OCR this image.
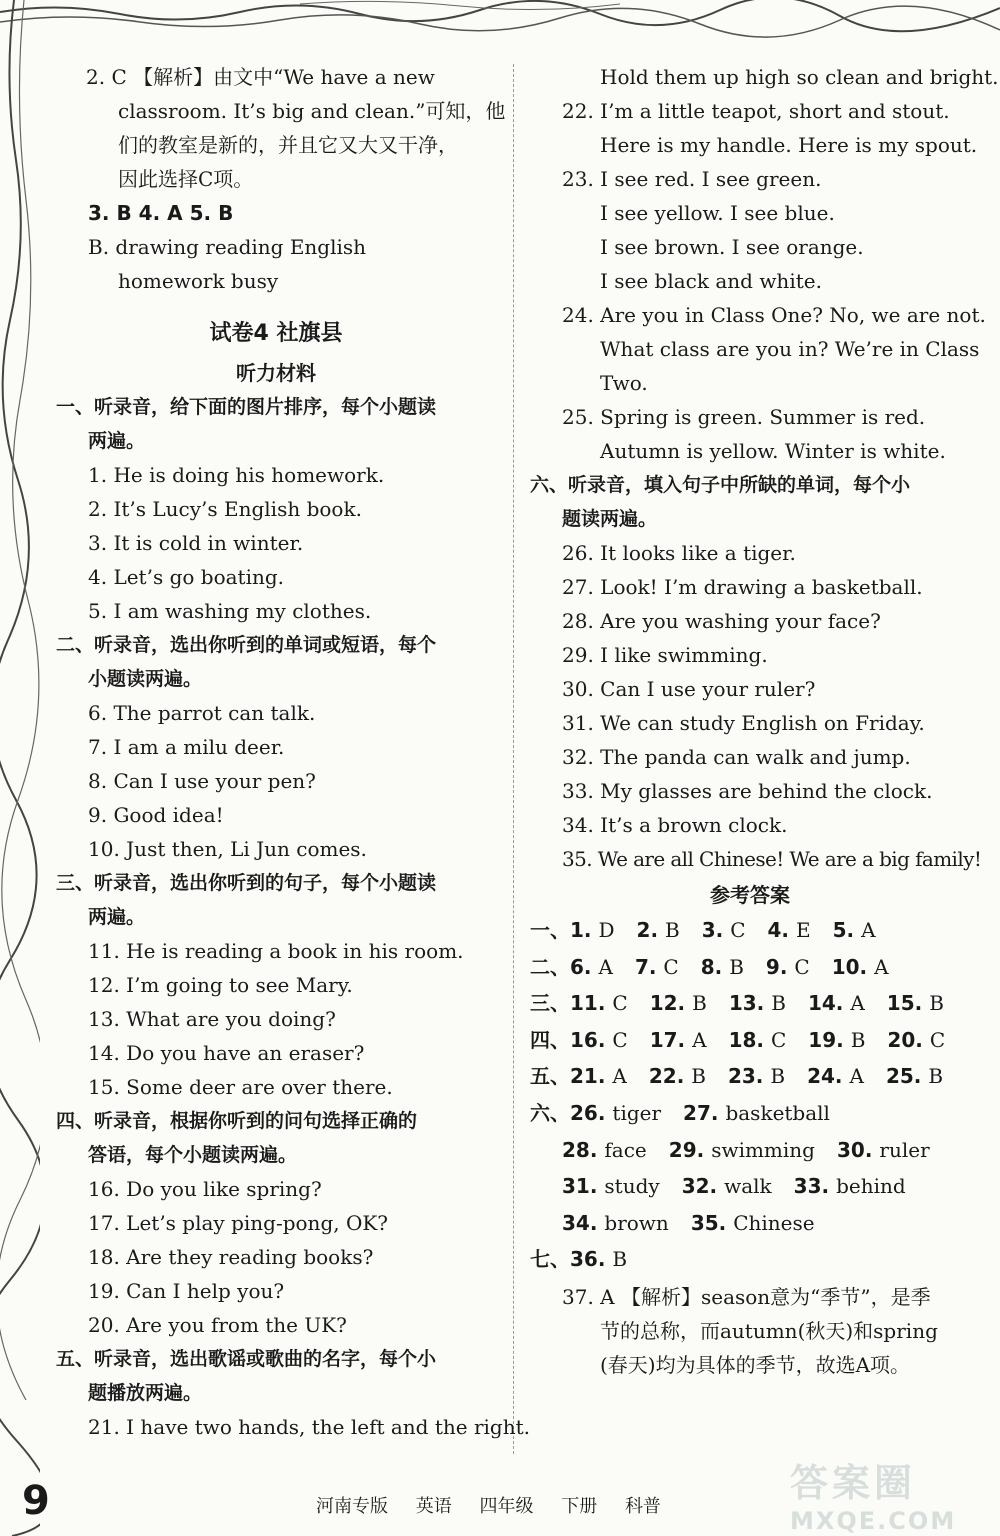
2. C 【解析】由文中“We have a new
classroom. It’s big and clean.”可知，他
们的教室是新的，并且它又大又干净，
因此选择C项。
3. B 4. A 5. B
B. drawing reading English
homework busy
试卷4 社旗县
听力材料
一、听录音，给下面的图片排序，每个小题读
两遍。
1. He is doing his homework.
2. It’s Lucy’s English book.
3. It is cold in winter.
4. Let’s go boating.
5. I am washing my clothes.
二、听录音，选出你听到的单词或短语，每个
小题读两遍。
6. The parrot can talk.
7. I am a milu deer.
8. Can I use your pen?
9. Good idea!
10. Just then, Li Jun comes.
三、听录音，选出你听到的句子，每个小题读
两遍。
11. He is reading a book in his room.
12. I’m going to see Mary.
13. What are you doing?
14. Do you have an eraser?
15. Some deer are over there.
四、听录音，根据你听到的问句选择正确的
答语，每个小题读两遍。
16. Do you like spring?
17. Let’s play ping-pong, OK?
18. Are they reading books?
19. Can I help you?
20. Are you from the UK?
五、听录音，选出歌谣或歌曲的名字，每个小
题播放两遍。
21. I have two hands, the left and the right.
Hold them up high so clean and bright.
22. I’m a little teapot, short and stout.
Here is my handle. Here is my spout.
23. I see red. I see green.
I see yellow. I see blue.
I see brown. I see orange.
I see black and white.
24. Are you in Class One? No, we are not.
What class are you in? We’re in Class
Two.
25. Spring is green. Summer is red.
Autumn is yellow. Winter is white.
六、听录音，填入句子中所缺的单词，每个小
题读两遍。
26. It looks like a tiger.
27. Look! I’m drawing a basketball.
28. Are you washing your face?
29. I like swimming.
30. Can I use your ruler?
31. We can study English on Friday.
32. The panda can walk and jump.
33. My glasses are behind the clock.
34. It’s a brown clock.
35. We are all Chinese! We are a big family!
参考答案
一、1. D 2. B 3. C 4. E 5. A
二、6. A 7. C 8. B 9. C 10. A
三、11. C 12. B 13. B 14. A 15. B
四、16. C 17. A 18. C 19. B 20. C
五、21. A 22. B 23. B 24. A 25. B
六、26. tiger 27. basketball
28. face 29. swimming 30. ruler
31. study 32. walk 33. behind
34. brown 35. Chinese
七、36. B
37. A 【解析】season意为“季节”，是季
节的总称，而autumn(秋天)和spring
(春天)均为具体的季节，故选A项。
9	河南专版 英语 四年级 下册 科普
答案圈
MXQE.COM
